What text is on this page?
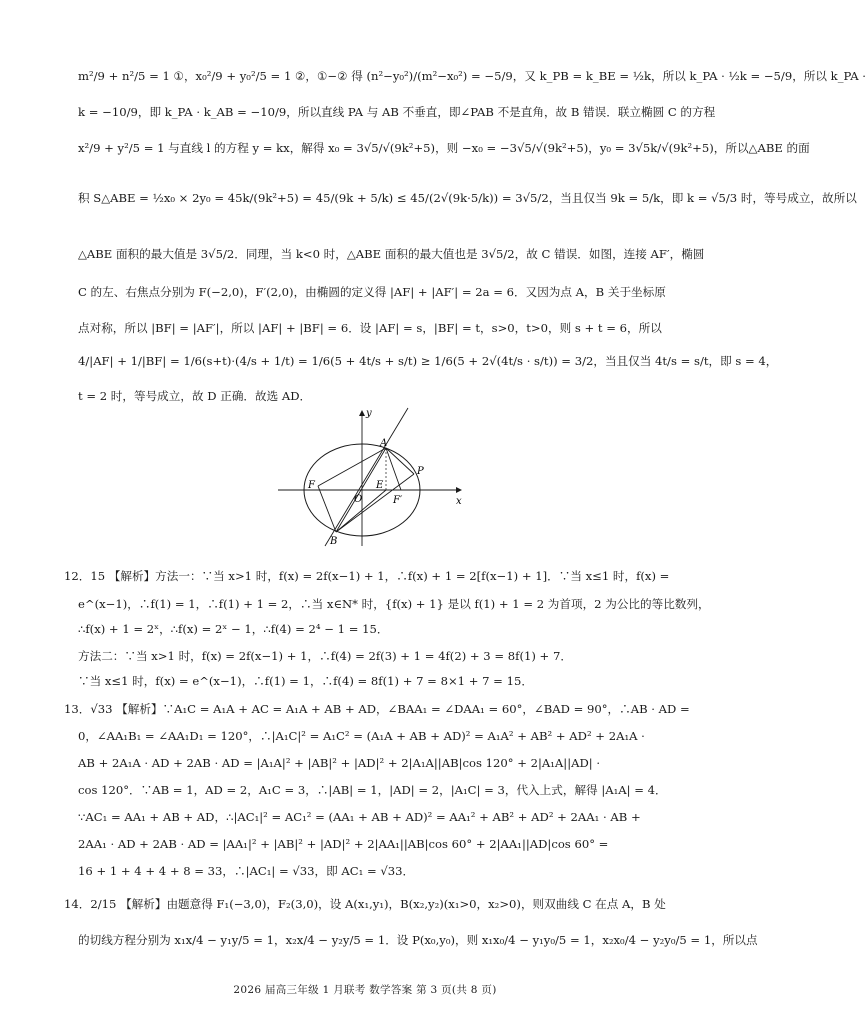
m²/9 + n²/5 = 1 ①，x₀²/9 + y₀²/5 = 1 ②，①−② 得 (n²−y₀²)/(m²−x₀²) = −5/9，又 k_PB = k_BE = ½k，所以 k_PA · ½k = −5/9，所以 k_PA ·
k = −10/9，即 k_PA · k_AB = −10/9，所以直线 PA 与 AB 不垂直，即∠PAB 不是直角，故 B 错误．联立椭圆 C 的方程
x²/9 + y²/5 = 1 与直线 l 的方程 y = kx，解得 x₀ = 3√5/√(9k²+5)，则 −x₀ = −3√5/√(9k²+5)，y₀ = 3√5k/√(9k²+5)，所以△ABE 的面
积 S△ABE = ½x₀ × 2y₀ = 45k/(9k²+5) = 45/(9k + 5/k) ≤ 45/(2√(9k·5/k)) = 3√5/2，当且仅当 9k = 5/k，即 k = √5/3 时，等号成立，故所以
△ABE 面积的最大值是 3√5/2．同理，当 k<0 时，△ABE 面积的最大值也是 3√5/2，故 C 错误．如图，连接 AF′，椭圆
C 的左、右焦点分别为 F(−2,0)，F′(2,0)，由椭圆的定义得 |AF| + |AF′| = 2a = 6．又因为点 A，B 关于坐标原
点对称，所以 |BF| = |AF′|，所以 |AF| + |BF| = 6．设 |AF| = s，|BF| = t，s>0，t>0，则 s + t = 6，所以
4/|AF| + 1/|BF| = 1/6(s+t)·(4/s + 1/t) = 1/6(5 + 4t/s + s/t) ≥ 1/6(5 + 2√(4t/s · s/t)) = 3/2，当且仅当 4t/s = s/t，即 s = 4，
t = 2 时，等号成立，故 D 正确．故选 AD．
y
x
O
A
B
F
F′
E
P
12．15 【解析】方法一：∵当 x>1 时，f(x) = 2f(x−1) + 1，∴f(x) + 1 = 2[f(x−1) + 1]．∵当 x≤1 时，f(x) =
e^(x−1)，∴f(1) = 1，∴f(1) + 1 = 2，∴当 x∈N* 时，{f(x) + 1} 是以 f(1) + 1 = 2 为首项，2 为公比的等比数列，
∴f(x) + 1 = 2ˣ，∴f(x) = 2ˣ − 1，∴f(4) = 2⁴ − 1 = 15．
方法二：∵当 x>1 时，f(x) = 2f(x−1) + 1，∴f(4) = 2f(3) + 1 = 4f(2) + 3 = 8f(1) + 7．
∵当 x≤1 时，f(x) = e^(x−1)，∴f(1) = 1，∴f(4) = 8f(1) + 7 = 8×1 + 7 = 15．
13．√33 【解析】∵A₁C = A₁A + AC = A₁A + AB + AD，∠BAA₁ = ∠DAA₁ = 60°，∠BAD = 90°，∴AB · AD =
0，∠AA₁B₁ = ∠AA₁D₁ = 120°，∴|A₁C|² = A₁C² = (A₁A + AB + AD)² = A₁A² + AB² + AD² + 2A₁A ·
AB + 2A₁A · AD + 2AB · AD = |A₁A|² + |AB|² + |AD|² + 2|A₁A||AB|cos 120° + 2|A₁A||AD| ·
cos 120°．∵AB = 1，AD = 2，A₁C = 3，∴|AB| = 1，|AD| = 2，|A₁C| = 3，代入上式，解得 |A₁A| = 4．
∵AC₁ = AA₁ + AB + AD，∴|AC₁|² = AC₁² = (AA₁ + AB + AD)² = AA₁² + AB² + AD² + 2AA₁ · AB +
2AA₁ · AD + 2AB · AD = |AA₁|² + |AB|² + |AD|² + 2|AA₁||AB|cos 60° + 2|AA₁||AD|cos 60° =
16 + 1 + 4 + 4 + 8 = 33，∴|AC₁| = √33，即 AC₁ = √33．
14．2/15 【解析】由题意得 F₁(−3,0)，F₂(3,0)，设 A(x₁,y₁)，B(x₂,y₂)(x₁>0，x₂>0)，则双曲线 C 在点 A，B 处
的切线方程分别为 x₁x/4 − y₁y/5 = 1，x₂x/4 − y₂y/5 = 1．设 P(x₀,y₀)，则 x₁x₀/4 − y₁y₀/5 = 1，x₂x₀/4 − y₂y₀/5 = 1，所以点
2026 届高三年级 1 月联考 数学答案 第 3 页(共 8 页)
